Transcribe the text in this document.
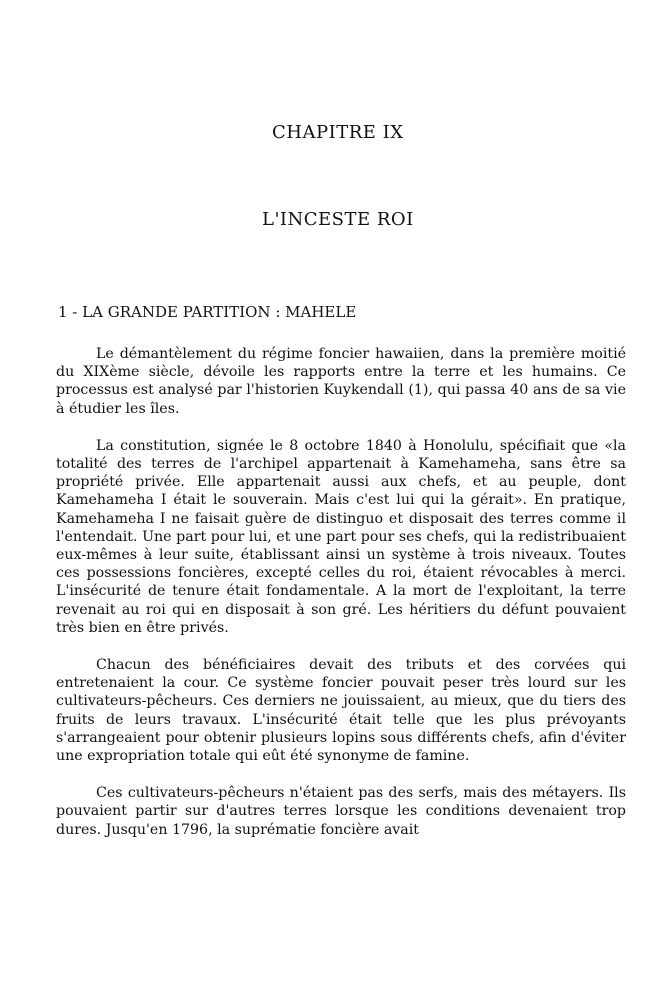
CHAPITRE IX
L'INCESTE ROI
1 - LA GRANDE PARTITION : MAHELE

Le démantèlement du régime foncier hawaiien, dans la première moitié du XIXème siècle, dévoile les rapports entre la terre et les humains. Ce processus est analysé par l'historien Kuykendall (1), qui passa 40 ans de sa vie à étudier les îles.

La constitution, signée le 8 octobre 1840 à Honolulu, spécifiait que «la totalité des terres de l'archipel appartenait à Kamehameha, sans être sa propriété privée. Elle appartenait aussi aux chefs, et au peuple, dont Kamehameha I était le souverain. Mais c'est lui qui la gérait». En pratique, Kamehameha I ne faisait guère de distinguo et disposait des terres comme il l'entendait. Une part pour lui, et une part pour ses chefs, qui la redistribuaient eux-mêmes à leur suite, établissant ainsi un système à trois niveaux. Toutes ces possessions foncières, excepté celles du roi, étaient révocables à merci. L'insécurité de tenure était fondamentale. A la mort de l'exploitant, la terre revenait au roi qui en disposait à son gré. Les héritiers du défunt pouvaient très bien en être privés.

Chacun des bénéficiaires devait des tributs et des corvées qui entretenaient la cour. Ce système foncier pouvait peser très lourd sur les cultivateurs-pêcheurs. Ces derniers ne jouissaient, au mieux, que du tiers des fruits de leurs travaux. L'insécurité était telle que les plus prévoyants s'arrangeaient pour obtenir plusieurs lopins sous différents chefs, afin d'éviter une expropriation totale qui eût été synonyme de famine.

Ces cultivateurs-pêcheurs n'étaient pas des serfs, mais des métayers. Ils pouvaient partir sur d'autres terres lorsque les conditions devenaient trop dures. Jusqu'en 1796, la suprématie foncière avait
